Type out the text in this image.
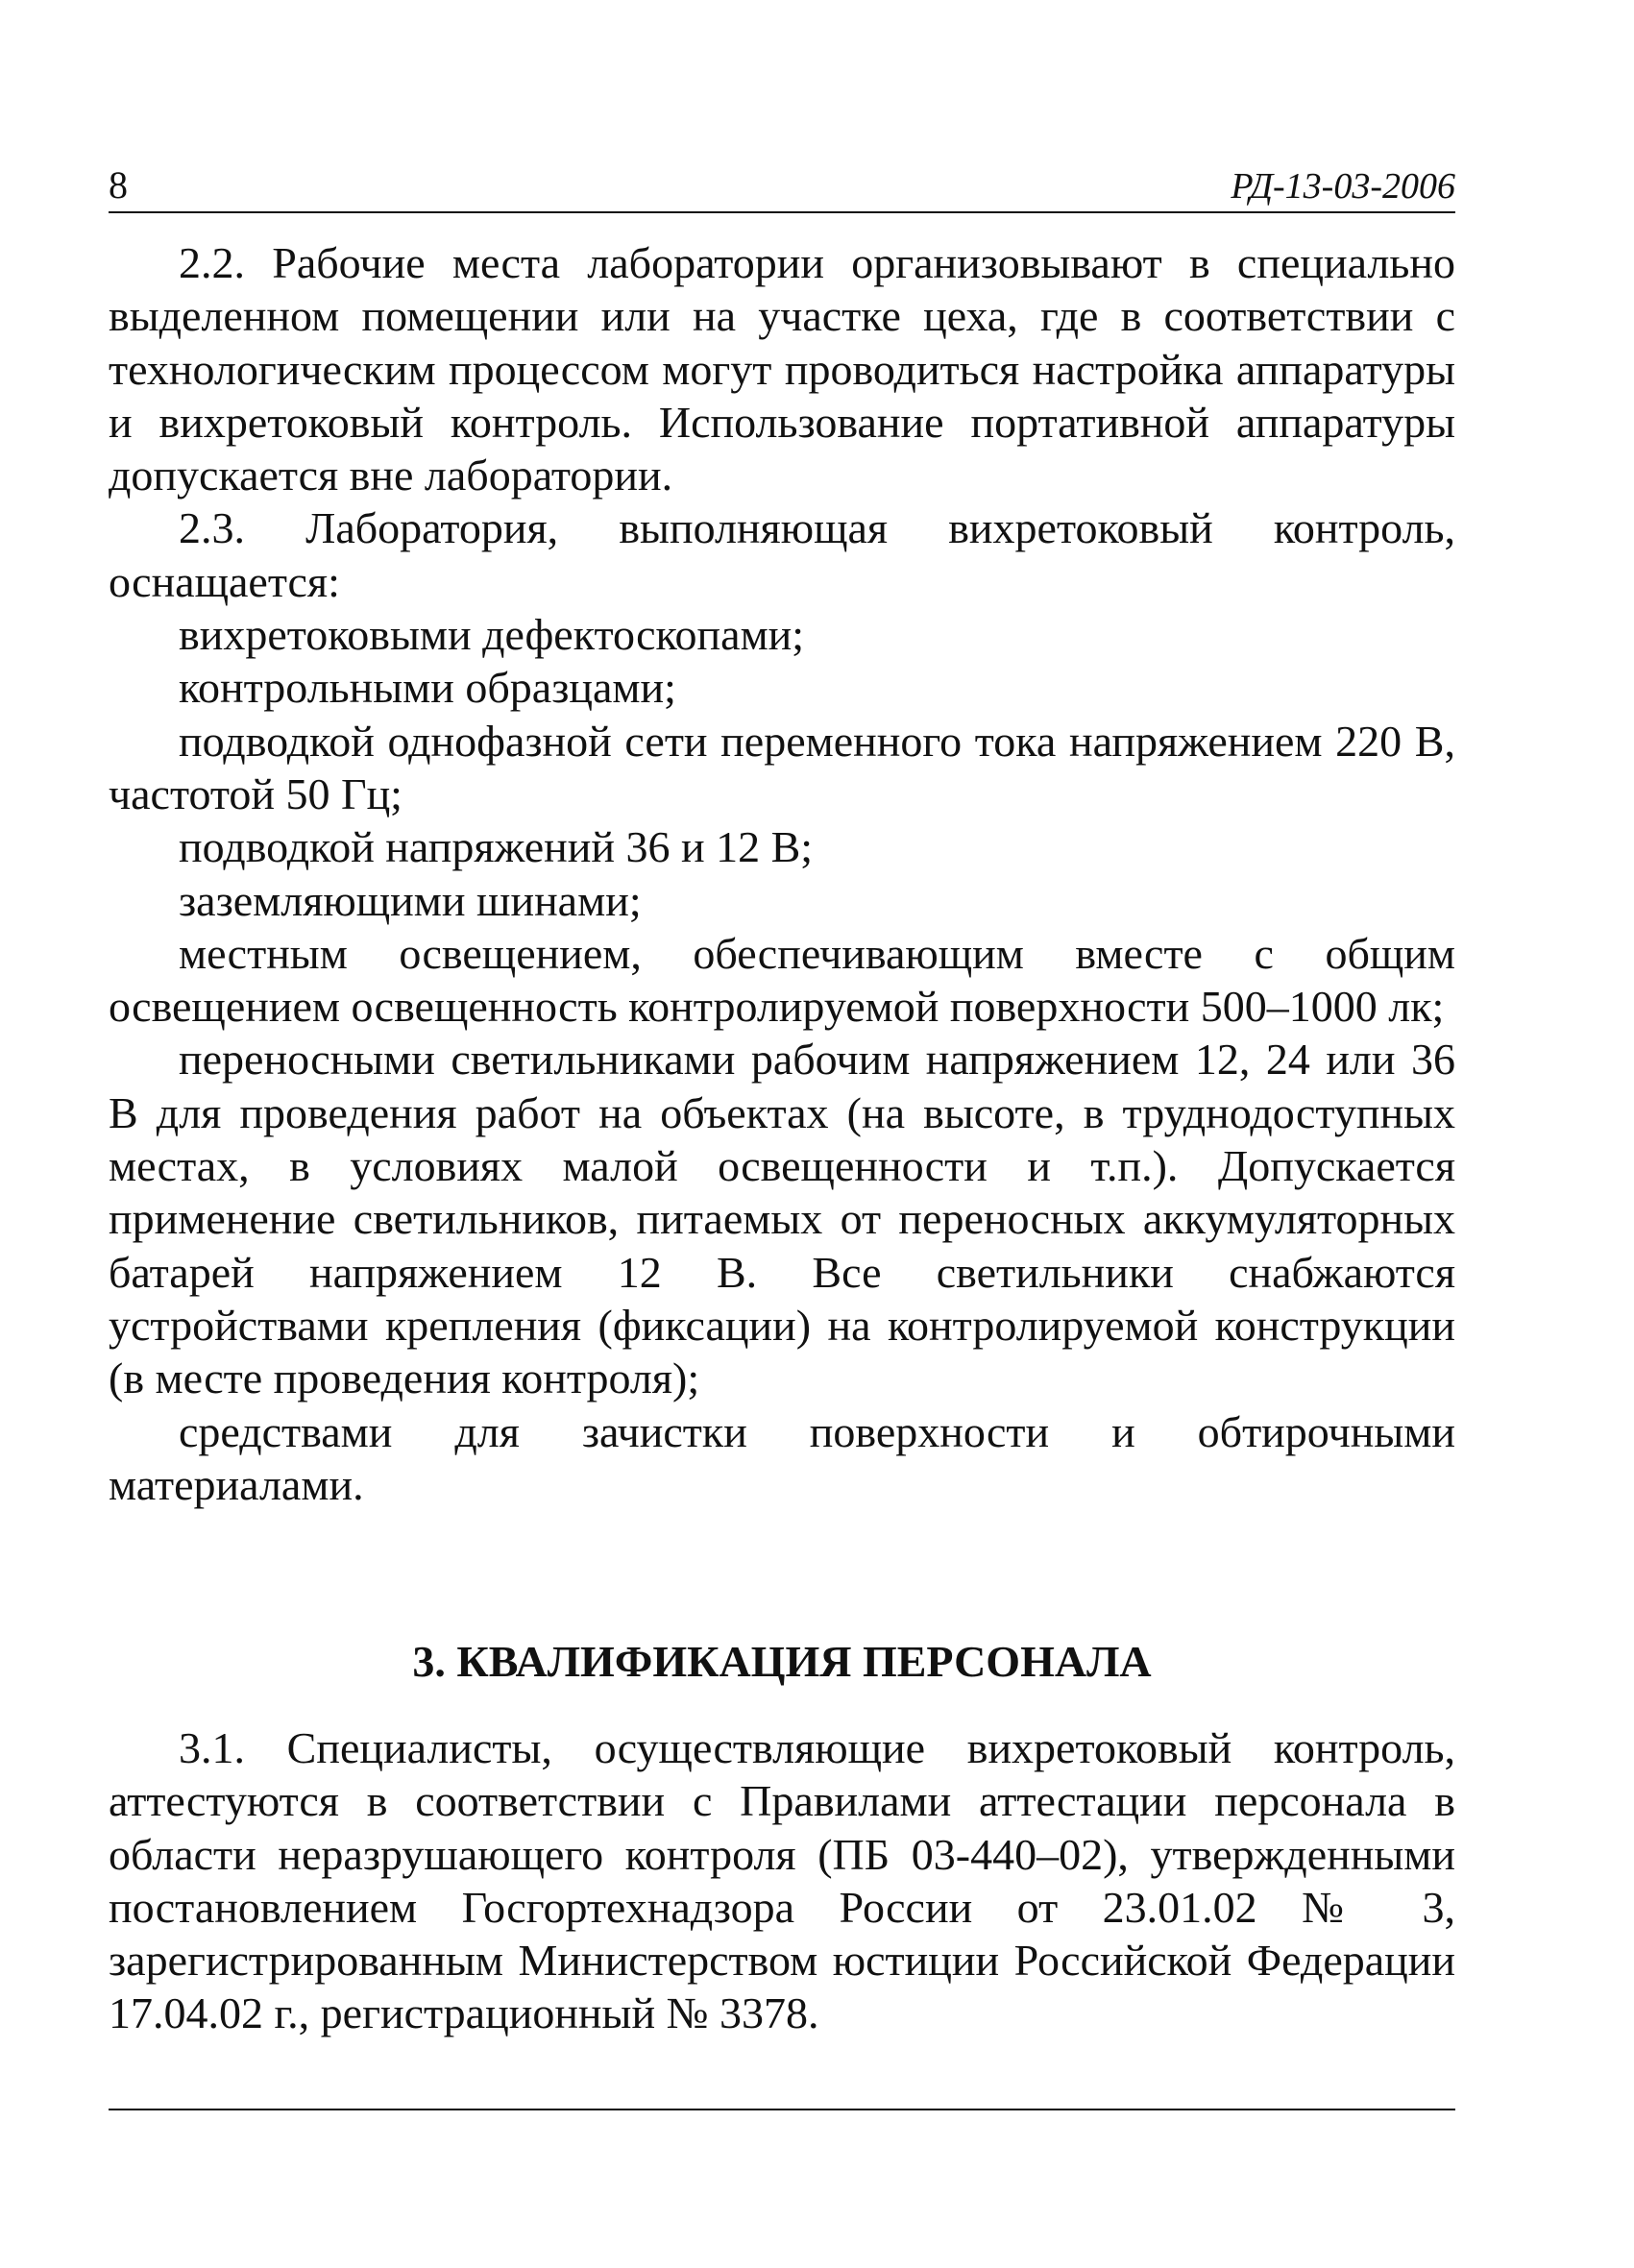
8	РД-13-03-2006

2.2. Рабочие места лаборатории организовывают в специально выделенном помещении или на участке цеха, где в соответствии с технологическим процессом могут проводиться настройка аппаратуры и вихретоковый контроль. Использование портативной аппаратуры допускается вне лаборатории.

2.3. Лаборатория, выполняющая вихретоковый контроль, оснащается:

вихретоковыми дефектоскопами;

контрольными образцами;

подводкой однофазной сети переменного тока напряжением 220 В, частотой 50 Гц;

подводкой напряжений 36 и 12 В;

заземляющими шинами;

местным освещением, обеспечивающим вместе с общим освещением освещенность контролируемой поверхности 500–1000 лк;

переносными светильниками рабочим напряжением 12, 24 или 36 В для проведения работ на объектах (на высоте, в труднодоступных местах, в условиях малой освещенности и т.п.). Допускается применение светильников, питаемых от переносных аккумуляторных батарей напряжением 12 В. Все светильники снабжаются устройствами крепления (фиксации) на контролируемой конструкции (в месте проведения контроля);

средствами для зачистки поверхности и обтирочными материалами.

3. КВАЛИФИКАЦИЯ ПЕРСОНАЛА

3.1. Специалисты, осуществляющие вихретоковый контроль, аттестуются в соответствии с Правилами аттестации персонала в области неразрушающего контроля (ПБ 03-440–02), утвержденными постановлением Госгортехнадзора России от 23.01.02 № 3, зарегистрированным Министерством юстиции Российской Федерации 17.04.02 г., регистрационный № 3378.
